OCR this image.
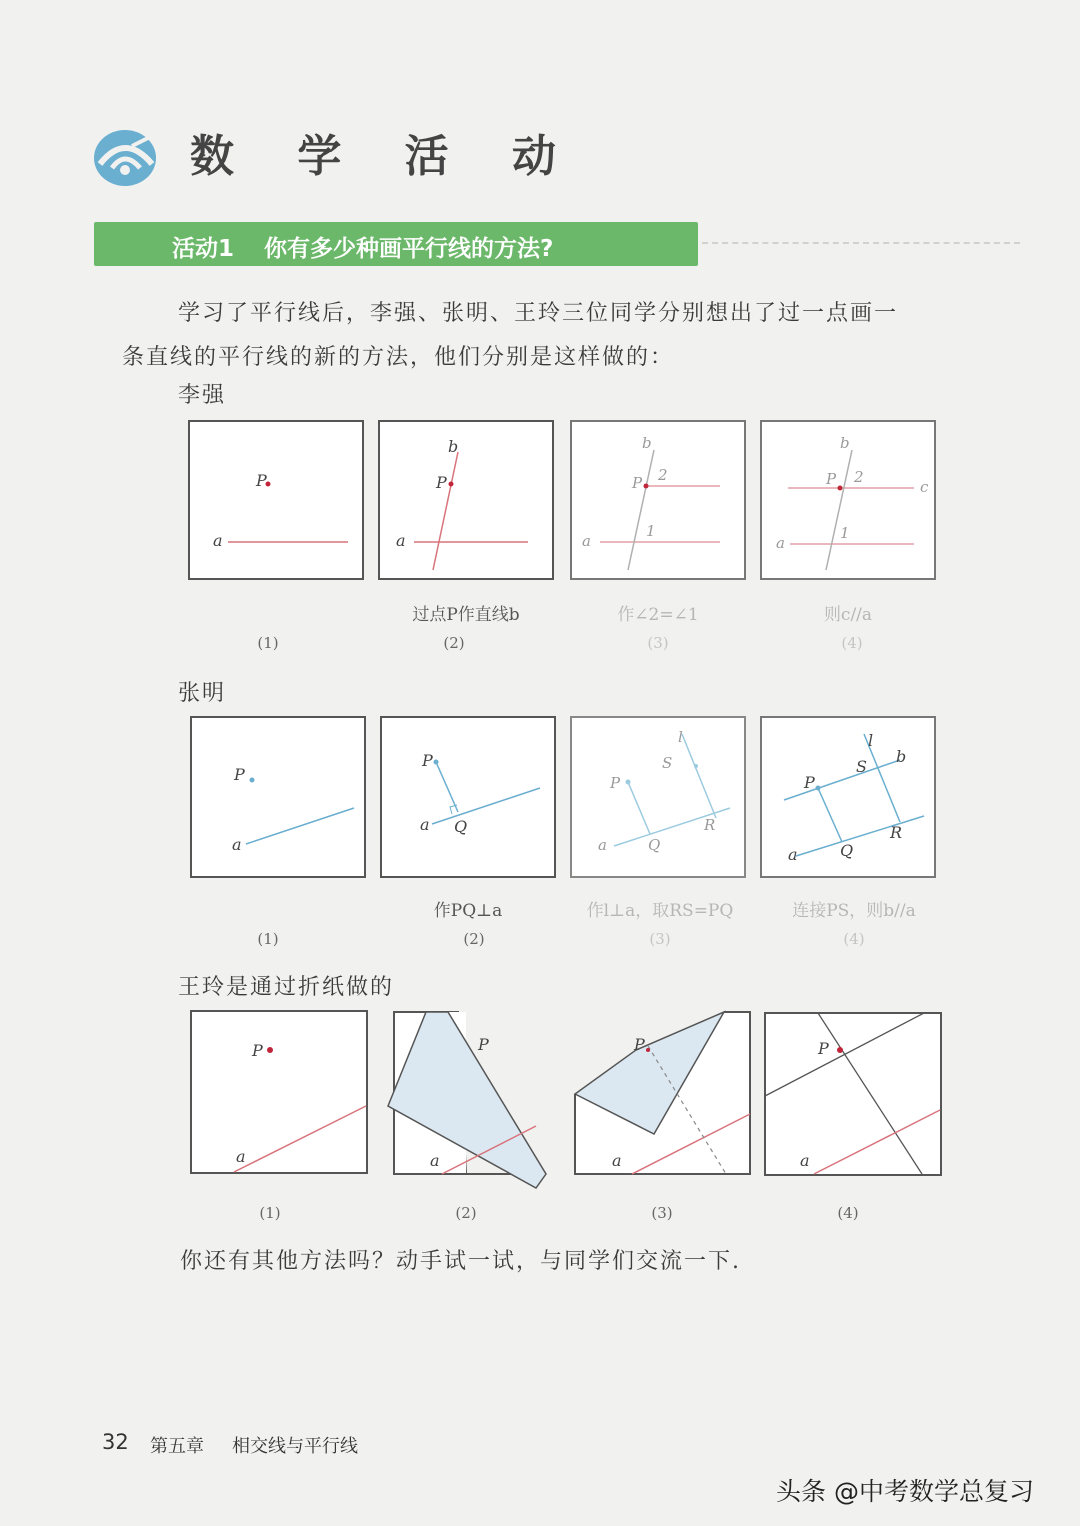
数 学 活 动
活动1 你有多少种画平行线的方法?
学习了平行线后，李强、张明、王玲三位同学分别想出了过一点画一
条直线的平行线的新的方法，他们分别是这样做的：
李强
P
a
P
a
b
P
a
b
2
1
P
a
b
c
2
1
过点P作直线b	作∠2=∠1	则c//a
(1)	(2)	(3)	(4)
张明
P
a
P
a Q
P
a	Q
S
R
l
P
a	Q
S
R
l
b
作PQ⊥a	作l⊥a，取RS=PQ	连接PS，则b//a
(1)	(2)	(3)	(4)
王玲是通过折纸做的
P
a
P
a
P
a
P
a
(1)	(2)	(3)	(4)
你还有其他方法吗？动手试一试，与同学们交流一下.
32 第五章 相交线与平行线
头条 @中考数学总复习
